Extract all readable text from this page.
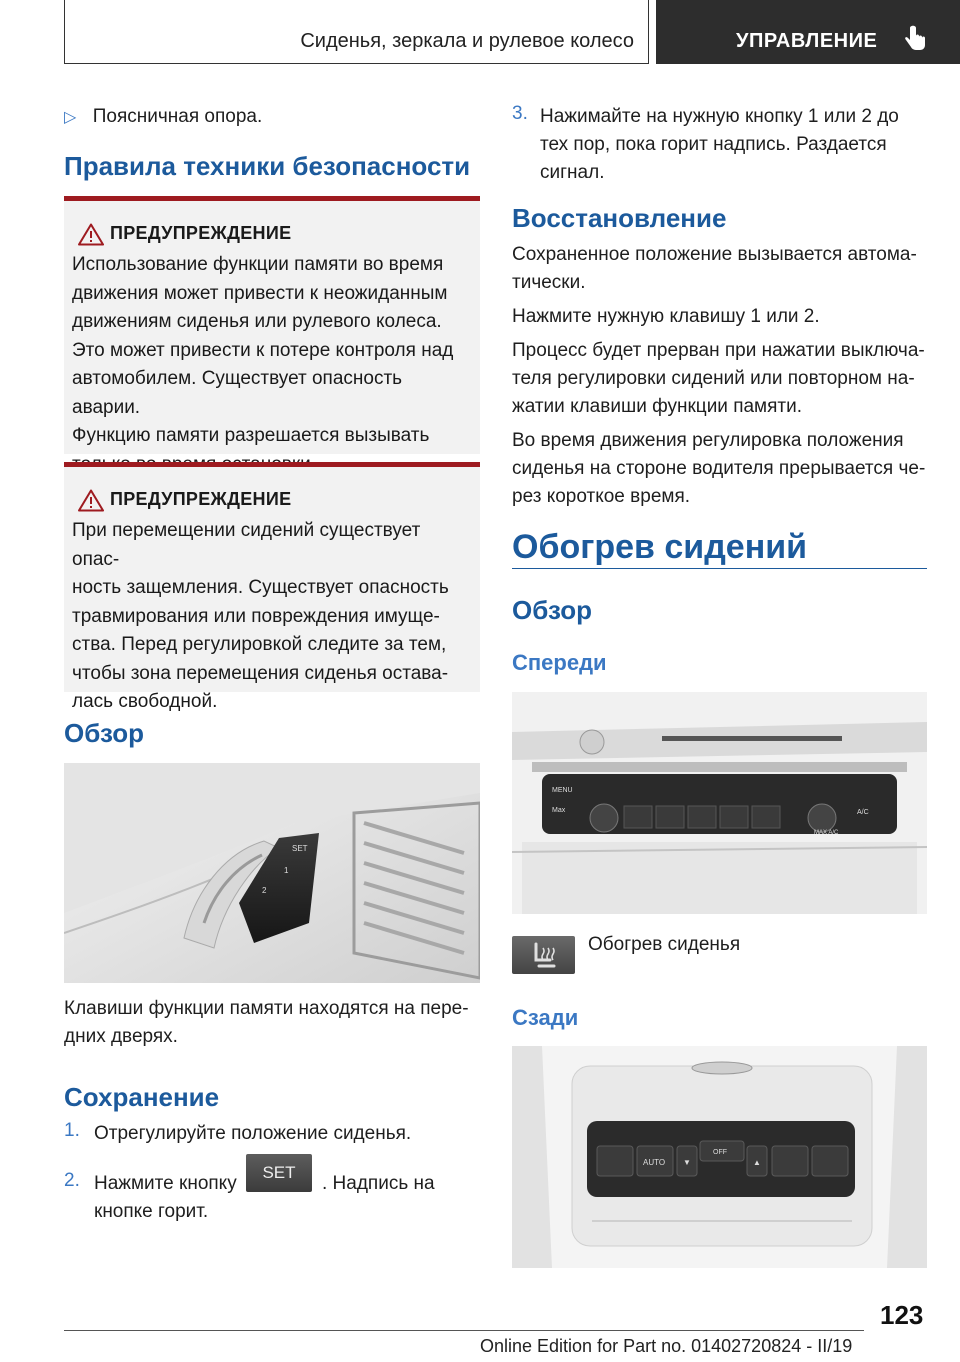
Сиденья, зеркала и рулевое колесо	УПРАВЛЕНИЕ
▷ Поясничная опора.
Правила техники безопасности
ПРЕДУПРЕЖДЕНИЕ
Использование функции памяти во время
движения может привести к неожиданным
движениям сиденья или рулевого колеса.
Это может привести к потере контроля над
автомобилем. Существует опасность аварии.
Функцию памяти разрешается вызывать
ПРЕДУПРЕЖДЕНИЕ
При перемещении сидений существует опас-
ность защемления. Существует опасность
травмирования или повреждения имуще-
ства. Перед регулировкой следите за тем,
чтобы зона перемещения сиденья остава-
лась свободной.
Обзор
SET
1
2
Клавиши функции памяти находятся на пере-
дних дверях.
Сохранение
1. Отрегулируйте положение сиденья.
2. Нажмите кнопку
SET
. Надпись на
кнопке горит.
3. Нажимайте на нужную кнопку 1 или 2 до
тех пор, пока горит надпись. Раздается
сигнал.
Восстановление
Сохраненное положение вызывается автома-
тически.
Нажмите нужную клавишу 1 или 2.
Процесс будет прерван при нажатии выключа-
теля регулировки сидений или повторном на-
жатии клавиши функции памяти.
Во время движения регулировка положения
сиденья на стороне водителя прерывается че-
рез короткое время.
Обогрев сидений
Обзор
Спереди
MENU
Max
MAX A/C
A/C
Обогрев сиденья
Сзади
AUTO
OFF
▼	▲
123
Online Edition for Part no. 01402720824 - II/19
